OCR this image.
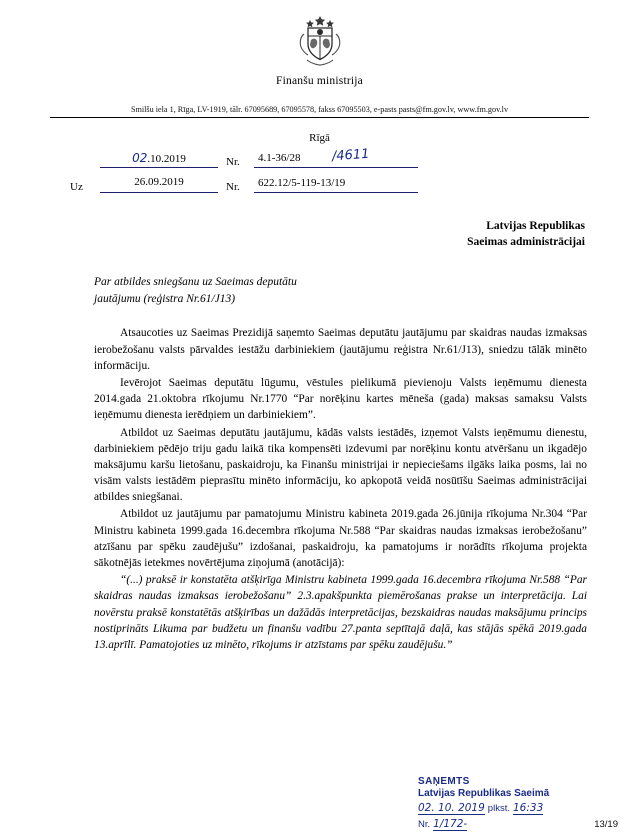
Finanšu ministrija
Smilšu iela 1, Rīga, LV-1919, tālr. 67095689, 67095578, fakss 67095503, e-pasts pasts@fm.gov.lv, www.fm.gov.lv
Rīgā
02.10.2019	Nr.	4.1-36/28 /4611
Uz	26.09.2019	Nr.	622.12/5-119-13/19
Latvijas Republikas
Saeimas administrācijai
Par atbildes sniegšanu uz Saeimas deputātu
jautājumu (reģistra Nr.61/J13)

Atsaucoties uz Saeimas Prezidijā saņemto Saeimas deputātu jautājumu par skaidras naudas izmaksas ierobežošanu valsts pārvaldes iestāžu darbiniekiem (jautājumu reģistra Nr.61/J13), sniedzu tālāk minēto informāciju.

Ievērojot Saeimas deputātu lūgumu, vēstules pielikumā pievienoju Valsts ieņēmumu dienesta 2014.gada 21.oktobra rīkojumu Nr.1770 “Par norēķinu kartes mēneša (gada) maksas samaksu Valsts ieņēmumu dienesta ierēdņiem un darbiniekiem”.

Atbildot uz Saeimas deputātu jautājumu, kādās valsts iestādēs, izņemot Valsts ieņēmumu dienestu, darbiniekiem pēdējo triju gadu laikā tika kompensēti izdevumi par norēķinu kontu atvēršanu un ikgadējo maksājumu karšu lietošanu, paskaidroju, ka Finanšu ministrijai ir nepieciešams ilgāks laika posms, lai no visām valsts iestādēm pieprasītu minēto informāciju, ko apkopotā veidā nosūtīšu Saeimas administrācijai atbildes sniegšanai.

Atbildot uz jautājumu par pamatojumu Ministru kabineta 2019.gada 26.jūnija rīkojuma Nr.304 “Par Ministru kabineta 1999.gada 16.decembra rīkojuma Nr.588 “Par skaidras naudas izmaksas ierobežošanu” atzīšanu par spēku zaudējušu” izdošanai, paskaidroju, ka pamatojums ir norādīts rīkojuma projekta sākotnējās ietekmes novērtējuma ziņojumā (anotācijā):

“(...) praksē ir konstatēta atšķirīga Ministru kabineta 1999.gada 16.decembra rīkojuma Nr.588 “Par skaidras naudas izmaksas ierobežošanu” 2.3.apakšpunkta piemērošanas prakse un interpretācija. Lai novērstu praksē konstatētās atšķirības un dažādās interpretācijas, bezskaidras naudas maksājumu princips nostiprināts Likuma par budžetu un finanšu vadību 27.panta septītajā daļā, kas stājās spēkā 2019.gada 13.aprīlī. Pamatojoties uz minēto, rīkojums ir atzīstams par spēku zaudējušu.”

SAŅEMTS
Latvijas Republikas Saeimā
02. 10. 2019 plkst. 16:33
Nr. 1/172-	13/19
